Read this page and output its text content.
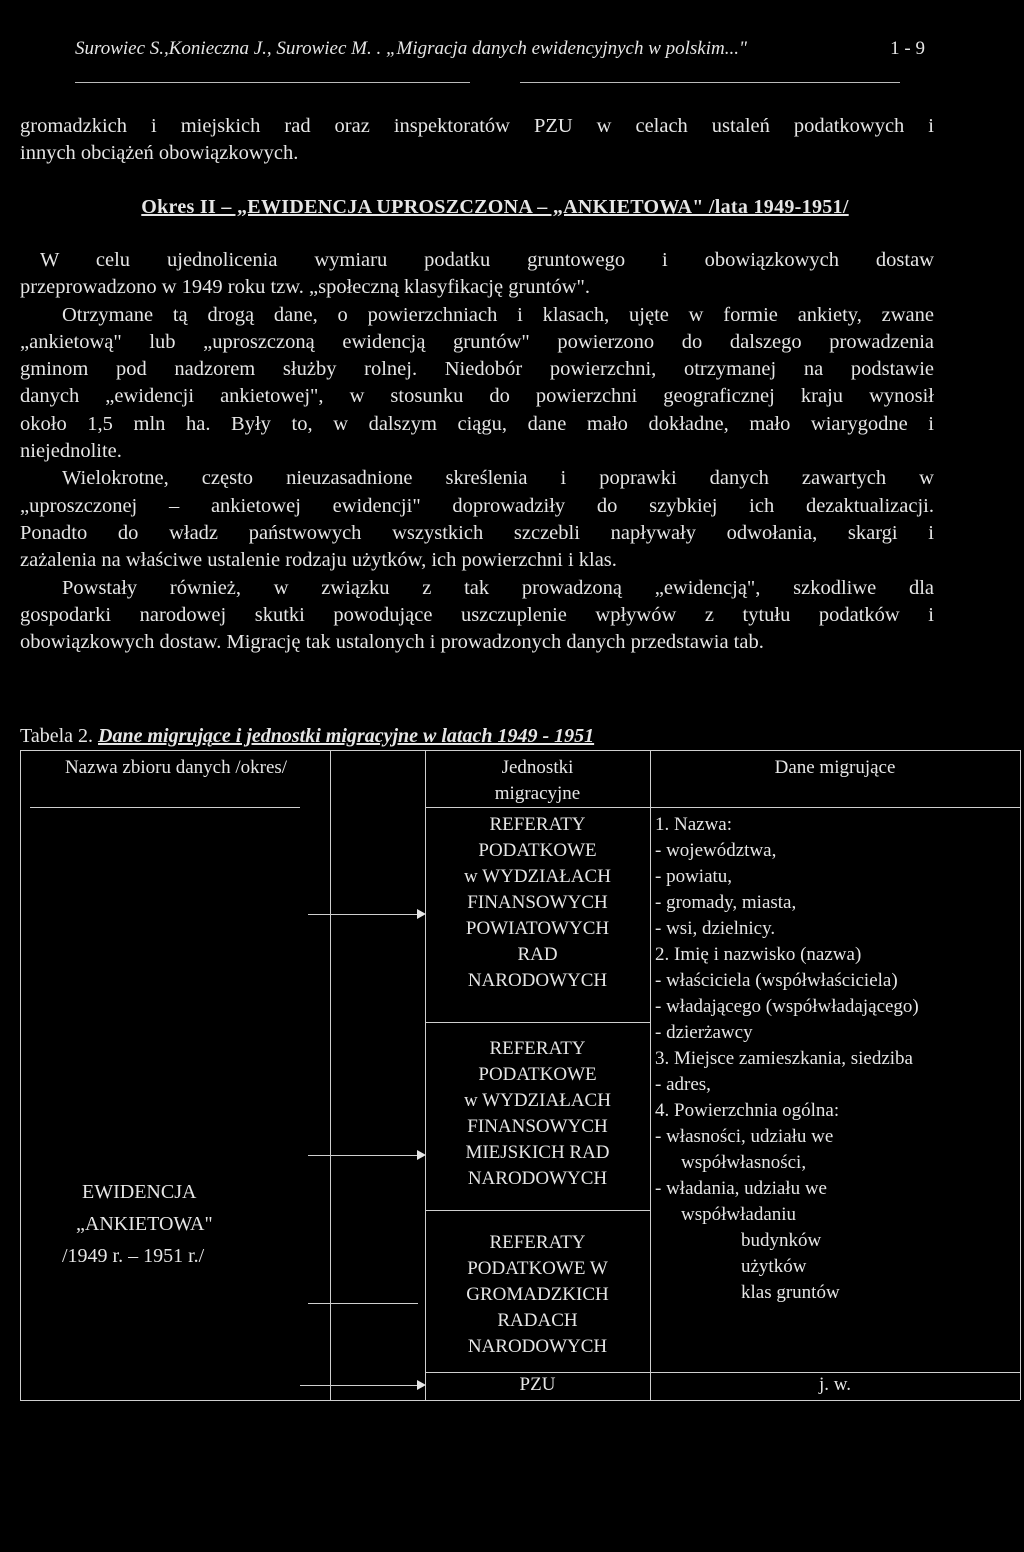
Surowiec S.,Konieczna J., Surowiec M. . „Migracja danych ewidencyjnych w polskim..."	1 - 9
gromadzkich i miejskich rad oraz inspektoratów PZU w celach ustaleń podatkowych i
innych obciążeń obowiązkowych.
Okres II – „EWIDENCJA UPROSZCZONA – „ANKIETOWA" /lata 1949-1951/
W celu ujednolicenia wymiaru podatku gruntowego i obowiązkowych dostaw
przeprowadzono w 1949 roku tzw. „społeczną klasyfikację gruntów".
Otrzymane tą drogą dane, o powierzchniach i klasach, ujęte w formie ankiety, zwane
„ankietową" lub „uproszczoną ewidencją gruntów" powierzono do dalszego prowadzenia
gminom pod nadzorem służby rolnej. Niedobór powierzchni, otrzymanej na podstawie
danych „ewidencji ankietowej", w stosunku do powierzchni geograficznej kraju wynosił
około 1,5 mln ha. Były to, w dalszym ciągu, dane mało dokładne, mało wiarygodne i
niejednolite.
Wielokrotne, często nieuzasadnione skreślenia i poprawki danych zawartych w
„uproszczonej – ankietowej ewidencji" doprowadziły do szybkiej ich dezaktualizacji.
Ponadto do władz państwowych wszystkich szczebli napływały odwołania, skargi i
zażalenia na właściwe ustalenie rodzaju użytków, ich powierzchni i klas.
Powstały również, w związku z tak prowadzoną „ewidencją", szkodliwe dla
gospodarki narodowej skutki powodujące uszczuplenie wpływów z tytułu podatków i
obowiązkowych dostaw. Migrację tak ustalonych i prowadzonych danych przedstawia tab.
Tabela 2. Dane migrujące i jednostki migracyjne w latach 1949 - 1951
Nazwa zbioru danych /okres/	Jednostki
migracyjne
Dane migrujące
EWIDENCJA
„ANKIETOWA"
/1949 r. – 1951 r./
REFERATY
PODATKOWE
w WYDZIAŁACH
FINANSOWYCH
POWIATOWYCH
RAD
NARODOWYCH
REFERATY
PODATKOWE
w WYDZIAŁACH
FINANSOWYCH
MIEJSKICH RAD
NARODOWYCH
REFERATY
PODATKOWE W
GROMADZKICH
RADACH
NARODOWYCH
PZU
1. Nazwa:
- województwa,
- powiatu,
- gromady, miasta,
- wsi, dzielnicy.
2. Imię i nazwisko (nazwa)
- właściciela (współwłaściciela)
- władającego (współwładającego)
- dzierżawcy
3. Miejsce zamieszkania, siedziba
- adres,
4. Powierzchnia ogólna:
- własności, udziału we
współwłasności,
- władania, udziału we
współwładaniu
budynków
użytków
klas gruntów
j. w.
